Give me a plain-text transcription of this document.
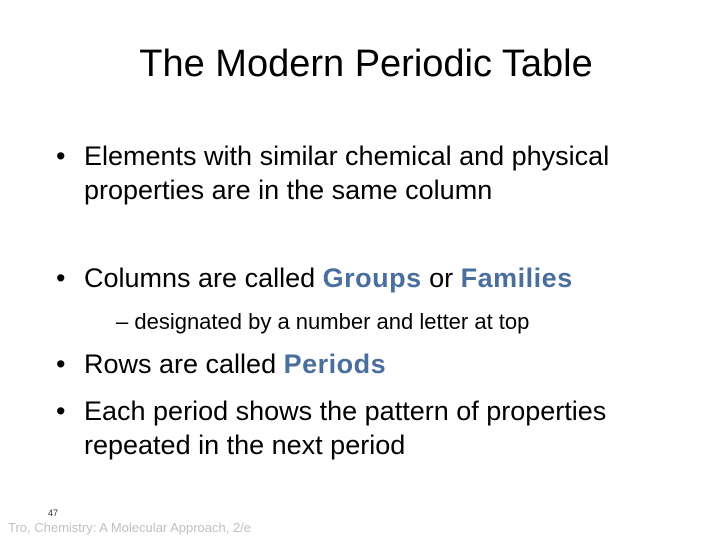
The Modern Periodic Table
• Elements with similar chemical and physical properties are in the same column
• Columns are called Groups or Families
– designated by a number and letter at top
• Rows are called Periods
• Each period shows the pattern of properties repeated in the next period
47
Tro, Chemistry: A Molecular Approach, 2/e
